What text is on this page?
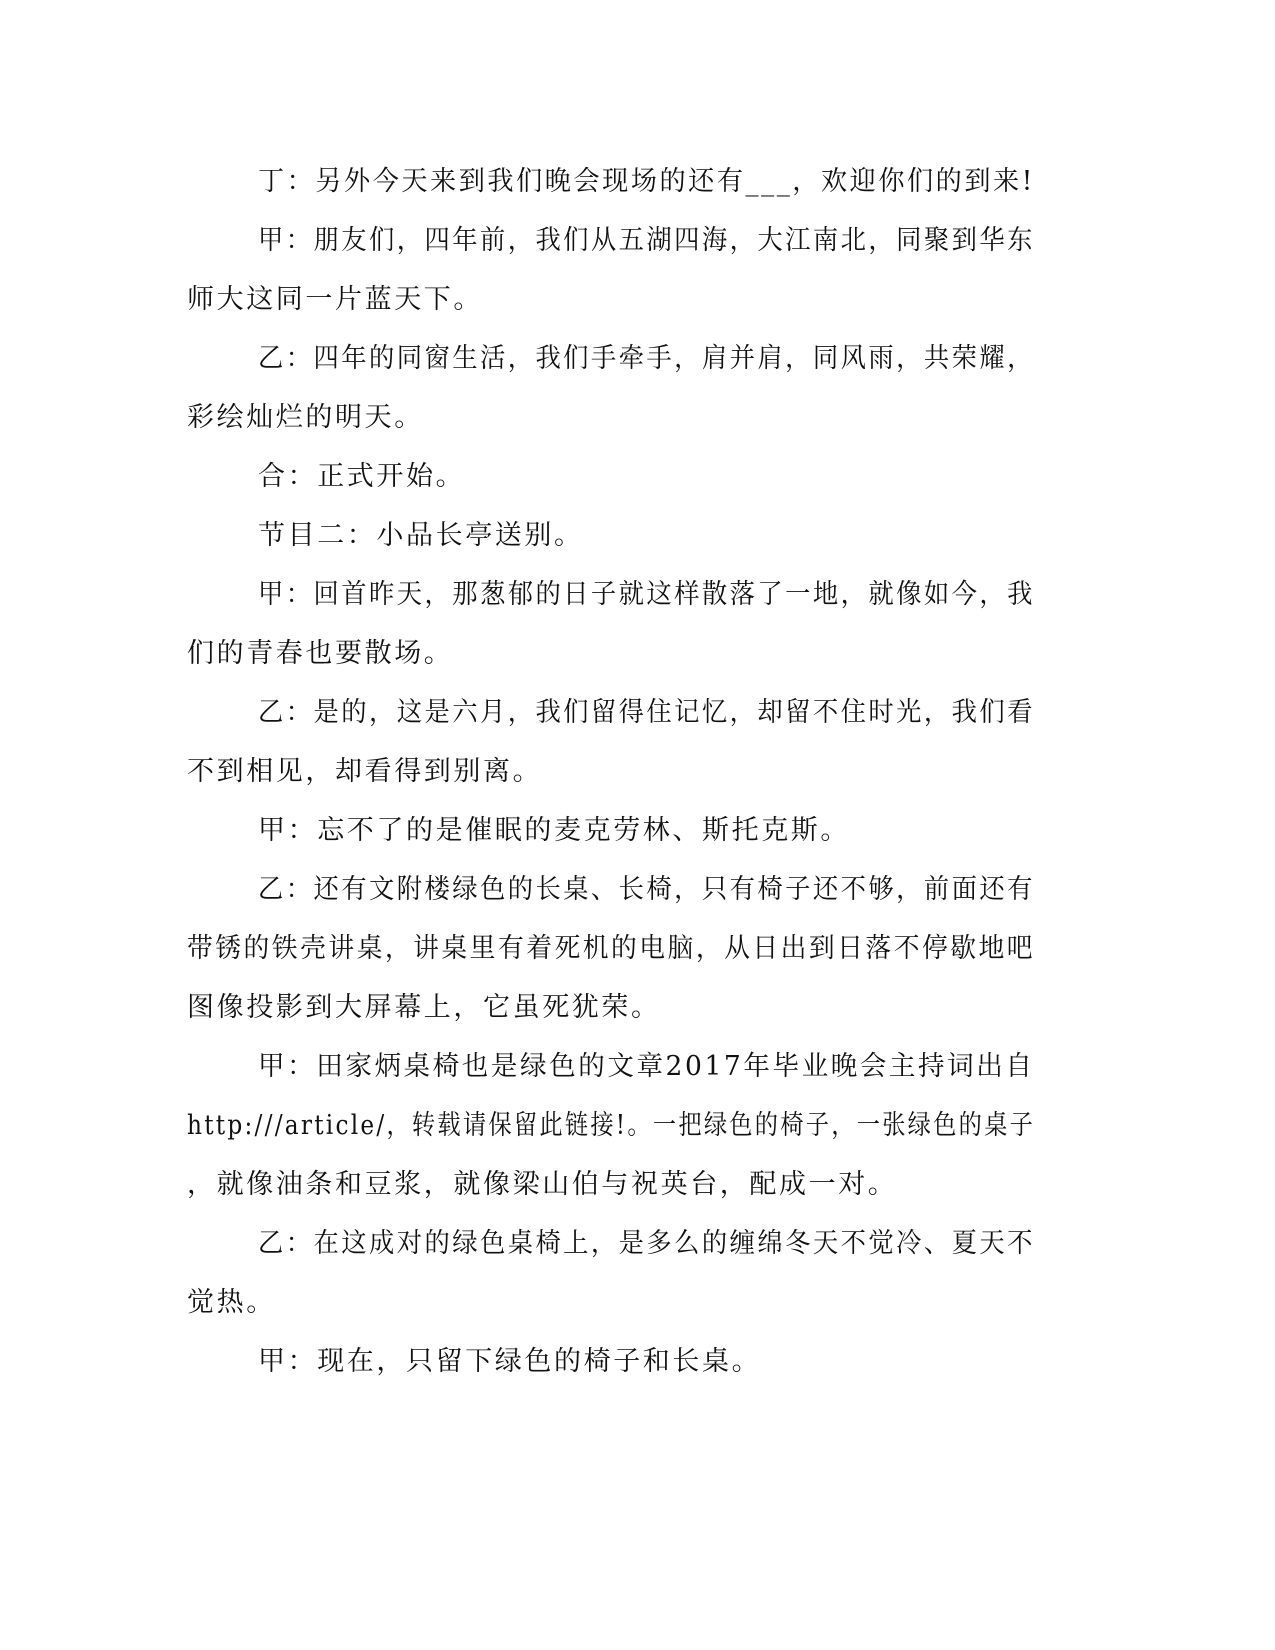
丁：另外今天来到我们晚会现场的还有___，欢迎你们的到来!
甲：朋友们，四年前，我们从五湖四海，大江南北，同聚到华东
师大这同一片蓝天下。
乙：四年的同窗生活，我们手牵手，肩并肩，同风雨，共荣耀，
彩绘灿烂的明天。
合：正式开始。
节目二：小品长亭送别。
甲：回首昨天，那葱郁的日子就这样散落了一地，就像如今，我
们的青春也要散场。
乙：是的，这是六月，我们留得住记忆，却留不住时光，我们看
不到相见，却看得到别离。
甲：忘不了的是催眠的麦克劳林、斯托克斯。
乙：还有文附楼绿色的长桌、长椅，只有椅子还不够，前面还有
带锈的铁壳讲桌，讲桌里有着死机的电脑，从日出到日落不停歇地吧
图像投影到大屏幕上，它虽死犹荣。
甲：田家炳桌椅也是绿色的文章2017年毕业晚会主持词出自
http:///article/，转载请保留此链接!。一把绿色的椅子，一张绿色的桌子
，就像油条和豆浆，就像梁山伯与祝英台，配成一对。
乙：在这成对的绿色桌椅上，是多么的缠绵冬天不觉冷、夏天不
觉热。
甲：现在，只留下绿色的椅子和长桌。
